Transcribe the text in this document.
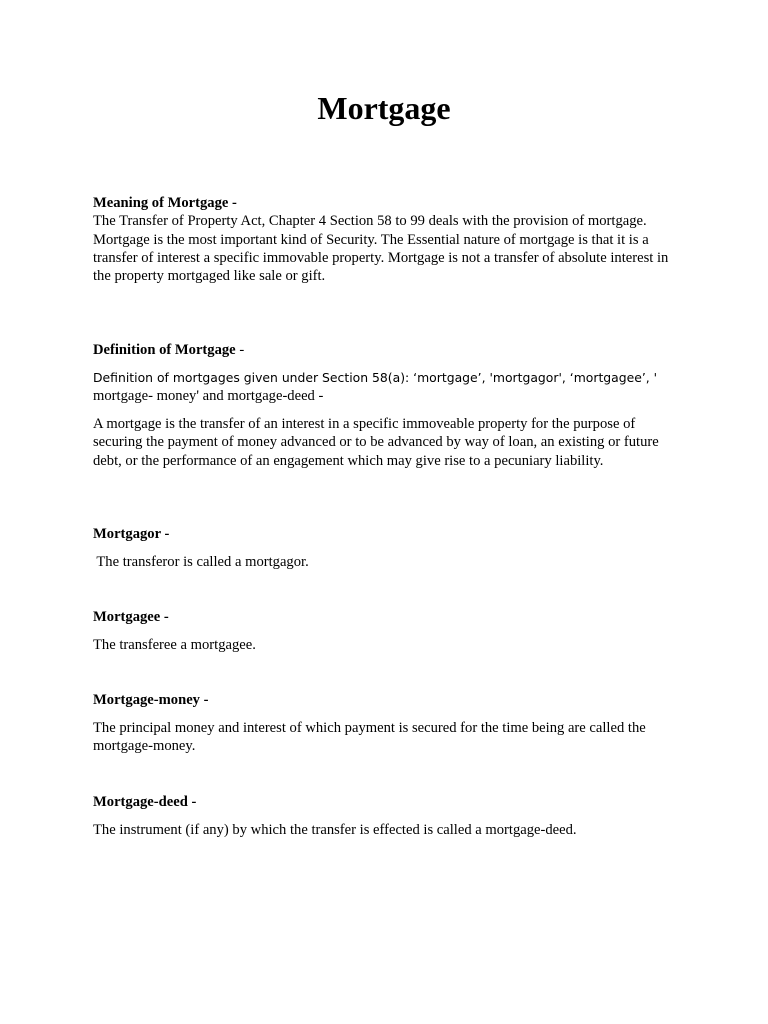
Mortgage

Meaning of Mortgage -

The Transfer of Property Act, Chapter 4 Section 58 to 99 deals with the provision of mortgage.

Mortgage is the most important kind of Security. The Essential nature of mortgage is that it is a transfer of interest a specific immovable property. Mortgage is not a transfer of absolute interest in the property mortgaged like sale or gift.

Definition of Mortgage -

Definition of mortgages given under Section 58(a): ‘mortgage’, 'mortgagor', ‘mortgagee’, '

mortgage- money' and mortgage-deed -

A mortgage is the transfer of an interest in a specific immoveable property for the purpose of securing the payment of money advanced or to be advanced by way of loan, an existing or future debt, or the performance of an engagement which may give rise to a pecuniary liability.

Mortgagor -

The transferor is called a mortgagor.

Mortgagee -

The transferee a mortgagee.

Mortgage-money -

The principal money and interest of which payment is secured for the time being are called the mortgage-money.

Mortgage-deed -

The instrument (if any) by which the transfer is effected is called a mortgage-deed.
